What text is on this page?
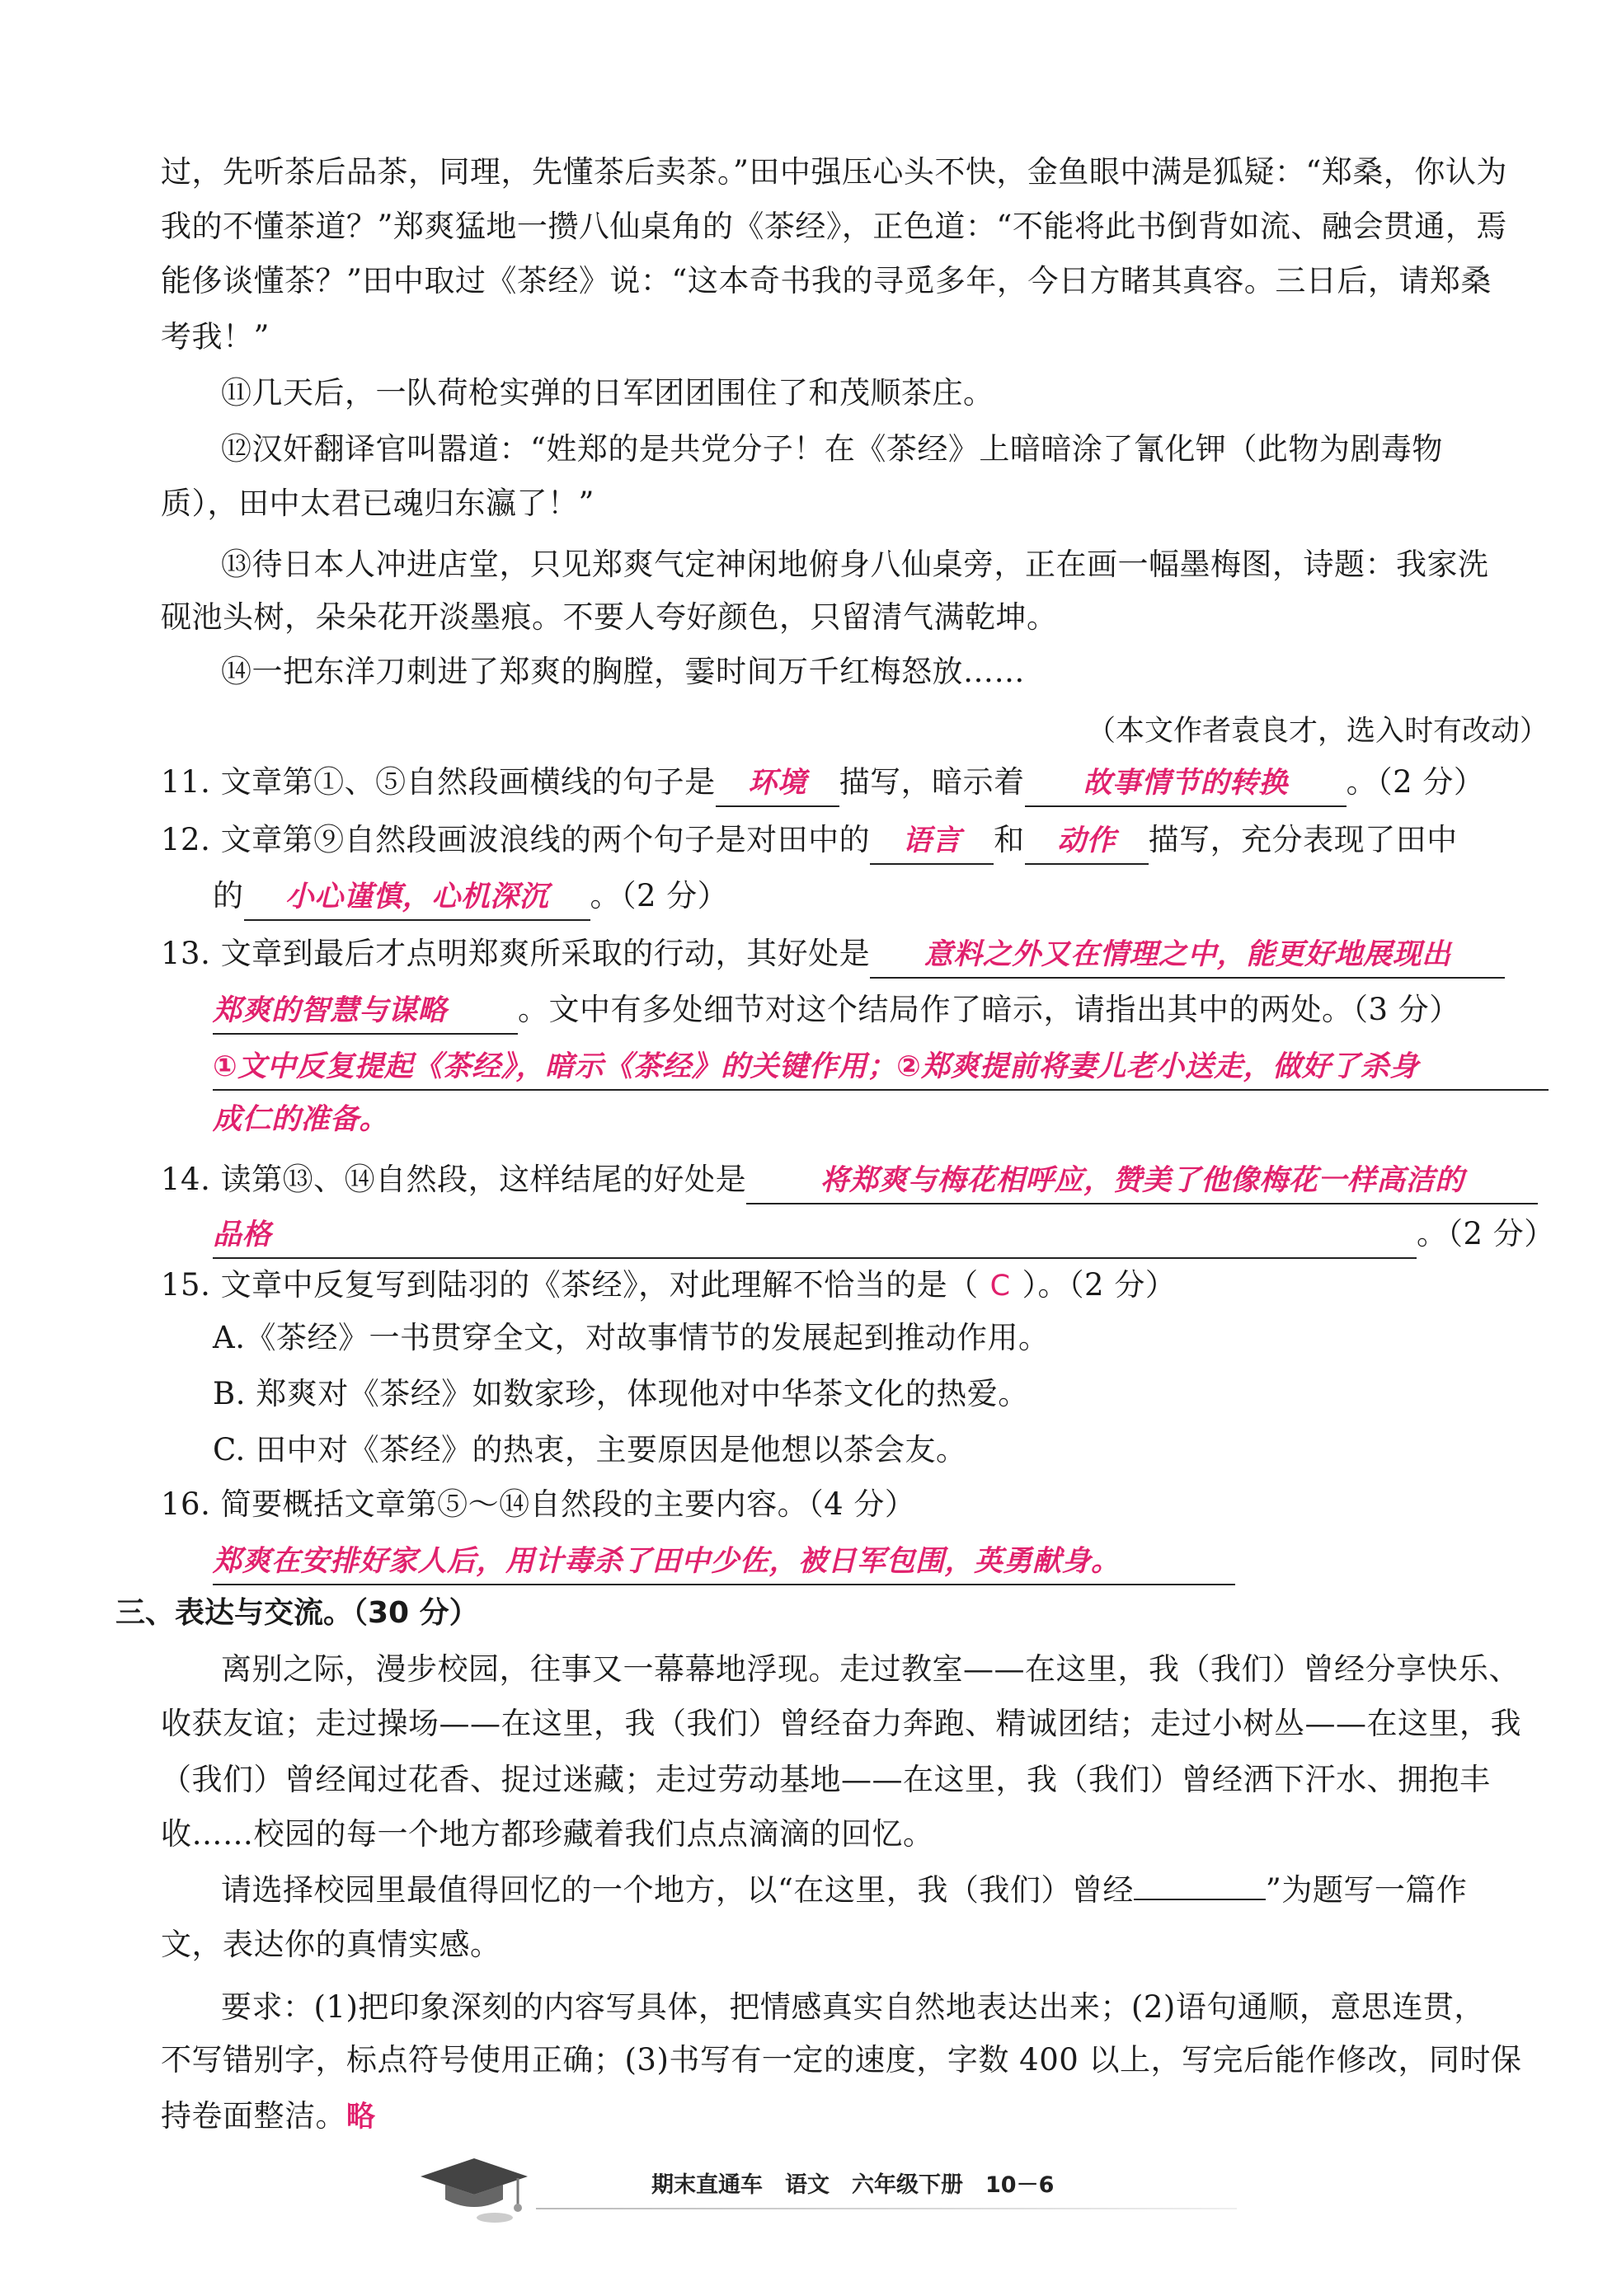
过，先听茶后品茶，同理，先懂茶后卖茶。”田中强压心头不快，金鱼眼中满是狐疑：“郑桑，你认为
我的不懂茶道？”郑爽猛地一攒八仙桌角的《茶经》，正色道：“不能将此书倒背如流、融会贯通，焉
能侈谈懂茶？”田中取过《茶经》说：“这本奇书我的寻觅多年，今日方睹其真容。三日后，请郑桑
考我！”
⑪几天后，一队荷枪实弹的日军团团围住了和茂顺茶庄。
⑫汉奸翻译官叫嚣道：“姓郑的是共党分子！在《茶经》上暗暗涂了氰化钾（此物为剧毒物
质），田中太君已魂归东瀛了！”
⑬待日本人冲进店堂，只见郑爽气定神闲地俯身八仙桌旁，正在画一幅墨梅图，诗题：我家洗
砚池头树，朵朵花开淡墨痕。不要人夸好颜色，只留清气满乾坤。
⑭一把东洋刀刺进了郑爽的胸膛，霎时间万千红梅怒放……
（本文作者袁良才，选入时有改动）
11. 文章第①、⑤自然段画横线的句子是 环境 描写，暗示着 故事情节的转换 。（2 分）
12. 文章第⑨自然段画波浪线的两个句子是对田中的 语言 和 动作 描写，充分表现了田中
的 小心谨慎，心机深沉 。（2 分）
13. 文章到最后才点明郑爽所采取的行动，其好处是 意料之外又在情理之中，能更好地展现出
郑爽的智慧与谋略 。文中有多处细节对这个结局作了暗示，请指出其中的两处。（3 分）
①文中反复提起《茶经》，暗示《茶经》的关键作用；②郑爽提前将妻儿老小送走，做好了杀身
成仁的准备。
14. 读第⑬、⑭自然段，这样结尾的好处是	将郑爽与梅花相呼应，赞美了他像梅花一样高洁的
品格	。（2 分）
15. 文章中反复写到陆羽的《茶经》，对此理解不恰当的是（ C ）。（2 分）
A.《茶经》一书贯穿全文，对故事情节的发展起到推动作用。
B. 郑爽对《茶经》如数家珍，体现他对中华茶文化的热爱。
C. 田中对《茶经》的热衷，主要原因是他想以茶会友。
16. 简要概括文章第⑤～⑭自然段的主要内容。（4 分）
郑爽在安排好家人后，用计毒杀了田中少佐，被日军包围，英勇献身。
三、表达与交流。（30 分）
离别之际，漫步校园，往事又一幕幕地浮现。走过教室——在这里，我（我们）曾经分享快乐、
收获友谊；走过操场——在这里，我（我们）曾经奋力奔跑、精诚团结；走过小树丛——在这里，我
（我们）曾经闻过花香、捉过迷藏；走过劳动基地——在这里，我（我们）曾经洒下汗水、拥抱丰
收……校园的每一个地方都珍藏着我们点点滴滴的回忆。
请选择校园里最值得回忆的一个地方，以“在这里，我（我们）曾经	”为题写一篇作
文，表达你的真情实感。
要求：(1)把印象深刻的内容写具体，把情感真实自然地表达出来；(2)语句通顺，意思连贯，
不写错别字，标点符号使用正确；(3)书写有一定的速度，字数 400 以上，写完后能作修改，同时保
持卷面整洁。略
期末直通车　语文　六年级下册　10－6
